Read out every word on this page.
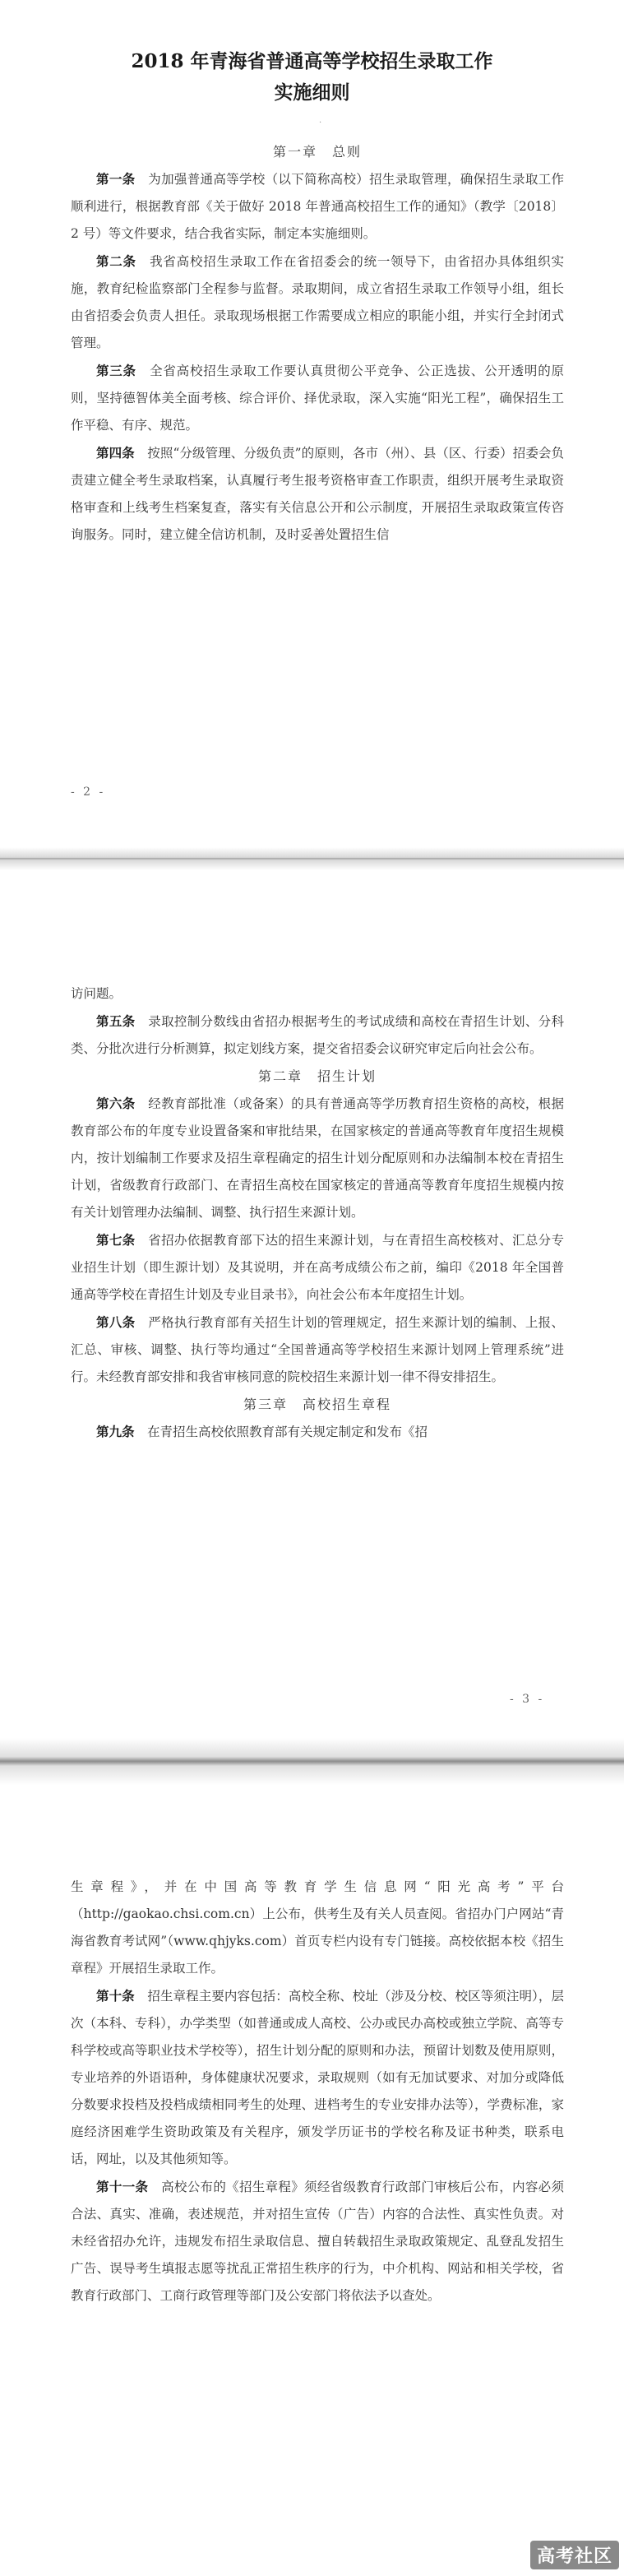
2018 年青海省普通高等学校招生录取工作

实施细则

·

第一章　总则

第一条　为加强普通高等学校（以下简称高校）招生录取管理，确保招生录取工作顺利进行，根据教育部《关于做好 2018 年普通高校招生工作的通知》（教学〔2018〕2 号）等文件要求，结合我省实际，制定本实施细则。

第二条　我省高校招生录取工作在省招委会的统一领导下，由省招办具体组织实施，教育纪检监察部门全程参与监督。录取期间，成立省招生录取工作领导小组，组长由省招委会负责人担任。录取现场根据工作需要成立相应的职能小组，并实行全封闭式管理。

第三条　全省高校招生录取工作要认真贯彻公平竞争、公正选拔、公开透明的原则，坚持德智体美全面考核、综合评价、择优录取，深入实施“阳光工程”，确保招生工作平稳、有序、规范。

第四条　按照“分级管理、分级负责”的原则，各市（州）、县（区、行委）招委会负责建立健全考生录取档案，认真履行考生报考资格审查工作职责，组织开展考生录取资格审查和上线考生档案复查，落实有关信息公开和公示制度，开展招生录取政策宣传咨询服务。同时，建立健全信访机制，及时妥善处置招生信

- 2 -

访问题。

第五条　录取控制分数线由省招办根据考生的考试成绩和高校在青招生计划、分科类、分批次进行分析测算，拟定划线方案，提交省招委会议研究审定后向社会公布。

第二章　招生计划

第六条　经教育部批准（或备案）的具有普通高等学历教育招生资格的高校，根据教育部公布的年度专业设置备案和审批结果，在国家核定的普通高等教育年度招生规模内，按计划编制工作要求及招生章程确定的招生计划分配原则和办法编制本校在青招生计划，省级教育行政部门、在青招生高校在国家核定的普通高等教育年度招生规模内按有关计划管理办法编制、调整、执行招生来源计划。

第七条　省招办依据教育部下达的招生来源计划，与在青招生高校核对、汇总分专业招生计划（即生源计划）及其说明，并在高考成绩公布之前，编印《2018 年全国普通高等学校在青招生计划及专业目录书》，向社会公布本年度招生计划。

第八条　严格执行教育部有关招生计划的管理规定，招生来源计划的编制、上报、汇总、审核、调整、执行等均通过“全国普通高等学校招生来源计划网上管理系统”进行。未经教育部安排和我省审核同意的院校招生来源计划一律不得安排招生。

第三章　高校招生章程

第九条　在青招生高校依照教育部有关规定制定和发布《招

- 3 -

生章程》，并在中国高等教育学生信息网“阳光高考”平台（http://gaokao.chsi.com.cn）上公布，供考生及有关人员查阅。省招办门户网站“青海省教育考试网”（www.qhjyks.com）首页专栏内设有专门链接。高校依据本校《招生章程》开展招生录取工作。

第十条　招生章程主要内容包括：高校全称、校址（涉及分校、校区等须注明），层次（本科、专科），办学类型（如普通或成人高校、公办或民办高校或独立学院、高等专科学校或高等职业技术学校等），招生计划分配的原则和办法，预留计划数及使用原则，专业培养的外语语种，身体健康状况要求，录取规则（如有无加试要求、对加分或降低分数要求投档及投档成绩相同考生的处理、进档考生的专业安排办法等），学费标准，家庭经济困难学生资助政策及有关程序，颁发学历证书的学校名称及证书种类，联系电话，网址，以及其他须知等。

第十一条　高校公布的《招生章程》须经省级教育行政部门审核后公布，内容必须合法、真实、准确，表述规范，并对招生宣传（广告）内容的合法性、真实性负责。对未经省招办允许，违规发布招生录取信息、擅自转载招生录取政策规定、乱登乱发招生广告、误导考生填报志愿等扰乱正常招生秩序的行为，中介机构、网站和相关学校，省教育行政部门、工商行政管理等部门及公安部门将依法予以查处。

高考社区
